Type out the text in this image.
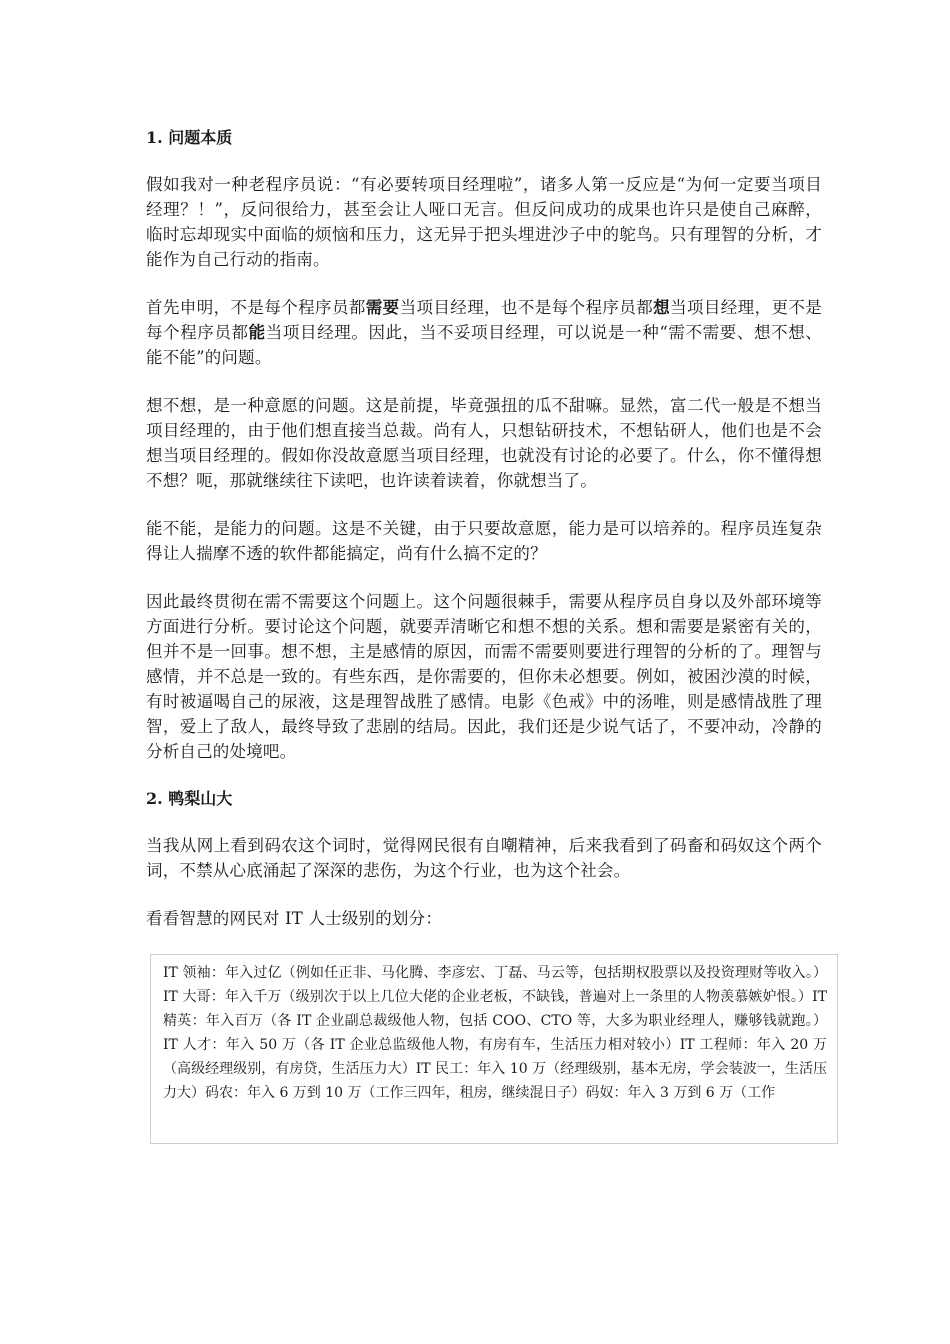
1. 问题本质

假如我对一种老程序员说：“有必要转项目经理啦”，诸多人第一反应是“为何一定要当项目经理？！”，反问很给力，甚至会让人哑口无言。但反问成功的成果也许只是使自己麻醉，临时忘却现实中面临的烦恼和压力，这无异于把头埋进沙子中的鸵鸟。只有理智的分析，才能作为自己行动的指南。

首先申明，不是每个程序员都需要当项目经理，也不是每个程序员都想当项目经理，更不是每个程序员都能当项目经理。因此，当不妥项目经理，可以说是一种“需不需要、想不想、能不能”的问题。

想不想，是一种意愿的问题。这是前提，毕竟强扭的瓜不甜嘛。显然，富二代一般是不想当项目经理的，由于他们想直接当总裁。尚有人，只想钻研技术，不想钻研人，他们也是不会想当项目经理的。假如你没故意愿当项目经理，也就没有讨论的必要了。什么，你不懂得想不想？呃，那就继续往下读吧，也许读着读着，你就想当了。

能不能，是能力的问题。这是不关键，由于只要故意愿，能力是可以培养的。程序员连复杂得让人揣摩不透的软件都能搞定，尚有什么搞不定的？

因此最终贯彻在需不需要这个问题上。这个问题很棘手，需要从程序员自身以及外部环境等方面进行分析。要讨论这个问题，就要弄清晰它和想不想的关系。想和需要是紧密有关的，但并不是一回事。想不想，主是感情的原因，而需不需要则要进行理智的分析的了。理智与感情，并不总是一致的。有些东西，是你需要的，但你未必想要。例如，被困沙漠的时候，有时被逼喝自己的尿液，这是理智战胜了感情。电影《色戒》中的汤唯，则是感情战胜了理智，爱上了敌人，最终导致了悲剧的结局。因此，我们还是少说气话了，不要冲动，冷静的分析自己的处境吧。

2. 鸭梨山大

当我从网上看到码农这个词时，觉得网民很有自嘲精神，后来我看到了码畜和码奴这个两个词，不禁从心底涌起了深深的悲伤，为这个行业，也为这个社会。

看看智慧的网民对 IT 人士级别的划分：

IT 领袖：年入过亿（例如任正非、马化腾、李彦宏、丁磊、马云等，包括期权股票以及投资理财等收入。）IT 大哥：年入千万（级别次于以上几位大佬的企业老板，不缺钱，普遍对上一条里的人物羡慕嫉妒恨。）IT 精英：年入百万（各 IT 企业副总裁级他人物，包括 COO、CTO 等，大多为职业经理人，赚够钱就跑。）IT 人才：年入 50 万（各 IT 企业总监级他人物，有房有车，生活压力相对较小）IT 工程师：年入 20 万（高级经理级别，有房贷，生活压力大）IT 民工：年入 10 万（经理级别，基本无房，学会装波一，生活压力大）码农：年入 6 万到 10 万（工作三四年，租房，继续混日子）码奴：年入 3 万到 6 万（工作
